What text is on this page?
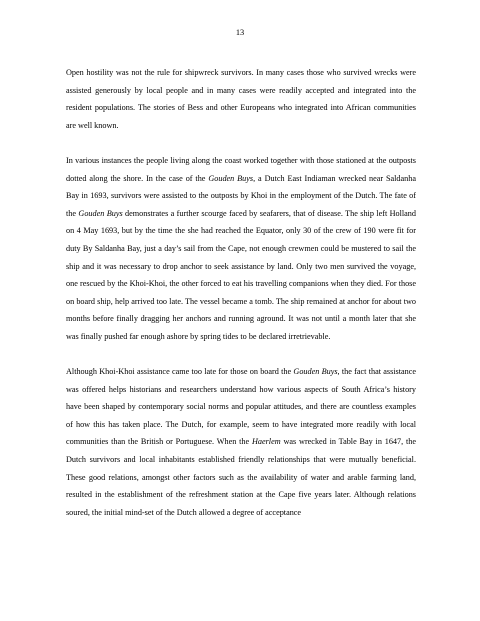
13

Open hostility was not the rule for shipwreck survivors. In many cases those who survived wrecks were assisted generously by local people and in many cases were readily accepted and integrated into the resident populations. The stories of Bess and other Europeans who integrated into African communities are well known.

In various instances the people living along the coast worked together with those stationed at the outposts dotted along the shore. In the case of the Gouden Buys, a Dutch East Indiaman wrecked near Saldanha Bay in 1693, survivors were assisted to the outposts by Khoi in the employment of the Dutch. The fate of the Gouden Buys demonstrates a further scourge faced by seafarers, that of disease. The ship left Holland on 4 May 1693, but by the time the she had reached the Equator, only 30 of the crew of 190 were fit for duty By Saldanha Bay, just a day’s sail from the Cape, not enough crewmen could be mustered to sail the ship and it was necessary to drop anchor to seek assistance by land. Only two men survived the voyage, one rescued by the Khoi-Khoi, the other forced to eat his travelling companions when they died. For those on board ship, help arrived too late. The vessel became a tomb. The ship remained at anchor for about two months before finally dragging her anchors and running aground. It was not until a month later that she was finally pushed far enough ashore by spring tides to be declared irretrievable.

Although Khoi-Khoi assistance came too late for those on board the Gouden Buys, the fact that assistance was offered helps historians and researchers understand how various aspects of South Africa’s history have been shaped by contemporary social norms and popular attitudes, and there are countless examples of how this has taken place. The Dutch, for example, seem to have integrated more readily with local communities than the British or Portuguese. When the Haerlem was wrecked in Table Bay in 1647, the Dutch survivors and local inhabitants established friendly relationships that were mutually beneficial. These good relations, amongst other factors such as the availability of water and arable farming land, resulted in the establishment of the refreshment station at the Cape five years later. Although relations soured, the initial mind-set of the Dutch allowed a degree of acceptance
